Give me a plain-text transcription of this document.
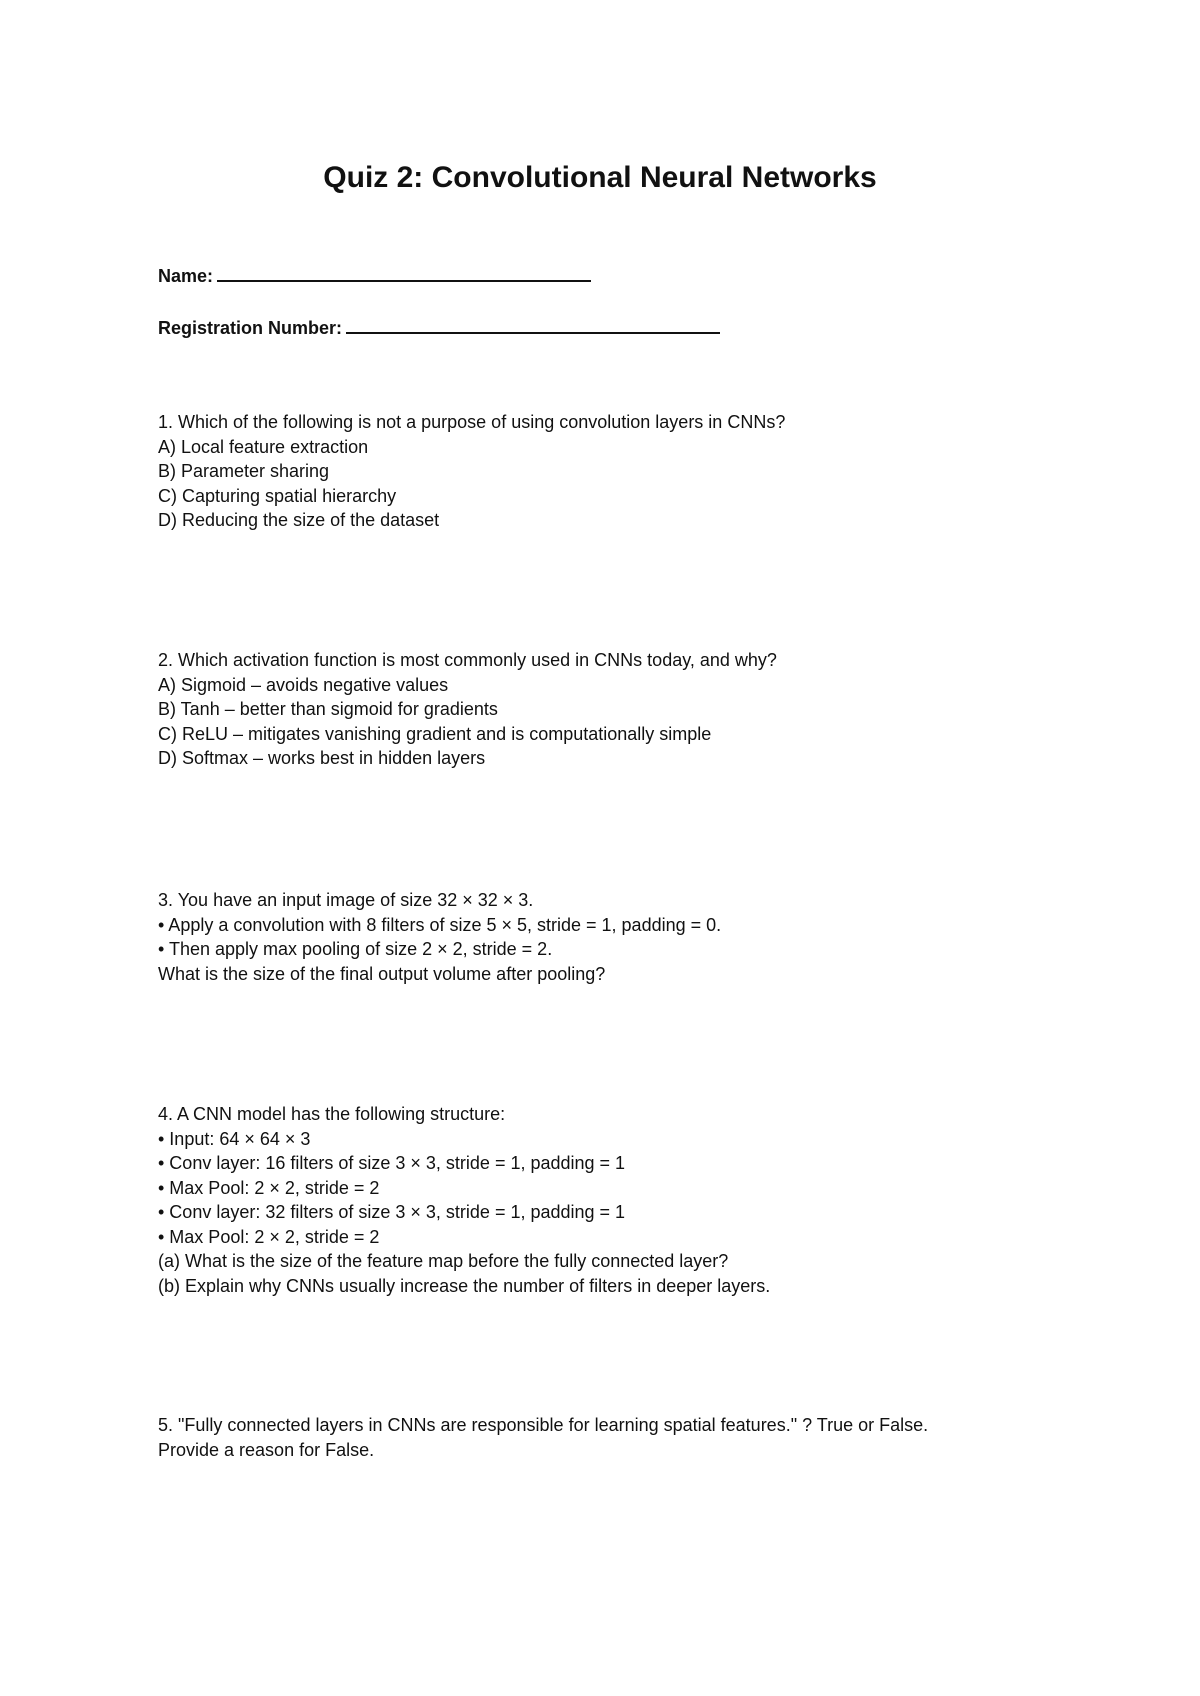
Quiz 2: Convolutional Neural Networks
Name:
Registration Number:
1. Which of the following is not a purpose of using convolution layers in CNNs?
A) Local feature extraction
B) Parameter sharing
C) Capturing spatial hierarchy
D) Reducing the size of the dataset
2. Which activation function is most commonly used in CNNs today, and why?
A) Sigmoid – avoids negative values
B) Tanh – better than sigmoid for gradients
C) ReLU – mitigates vanishing gradient and is computationally simple
D) Softmax – works best in hidden layers
3. You have an input image of size 32 × 32 × 3.
• Apply a convolution with 8 filters of size 5 × 5, stride = 1, padding = 0.
• Then apply max pooling of size 2 × 2, stride = 2.
What is the size of the final output volume after pooling?
4. A CNN model has the following structure:
• Input: 64 × 64 × 3
• Conv layer: 16 filters of size 3 × 3, stride = 1, padding = 1
• Max Pool: 2 × 2, stride = 2
• Conv layer: 32 filters of size 3 × 3, stride = 1, padding = 1
• Max Pool: 2 × 2, stride = 2
(a) What is the size of the feature map before the fully connected layer?
(b) Explain why CNNs usually increase the number of filters in deeper layers.
5. "Fully connected layers in CNNs are responsible for learning spatial features." ? True or False.
Provide a reason for False.
